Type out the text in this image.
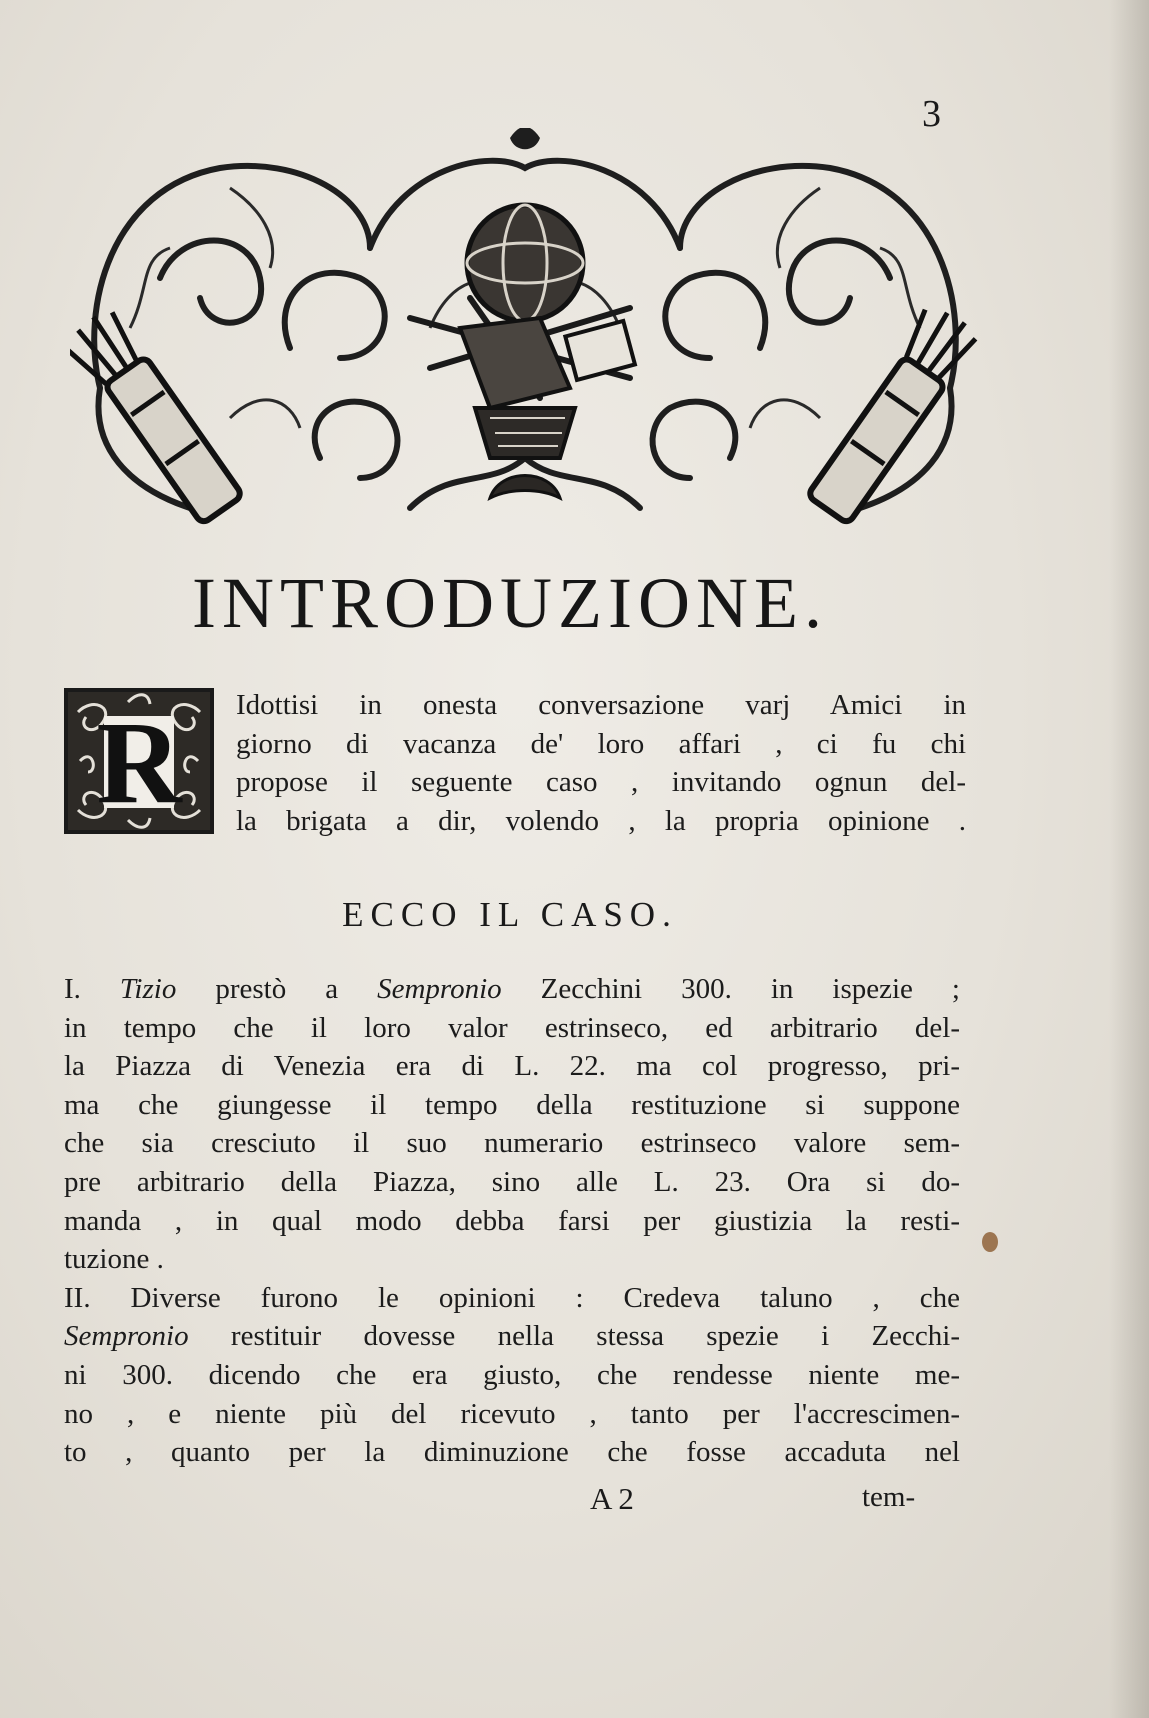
3
INTRODUZIONE.
R	Idottisi in onesta conversazione varj Amici in
giorno di vacanza de' loro affari , ci fu chi
propose il seguente caso , invitando ognun del-
la brigata a dir, volendo , la propria opinione .
ECCO IL CASO.
I. Tizio prestò a Sempronio Zecchini 300. in ispezie ;
in tempo che il loro valor estrinseco, ed arbitrario del-
la Piazza di Venezia era di L. 22. ma col progresso, pri-
ma che giungesse il tempo della restituzione si suppone
che sia cresciuto il suo numerario estrinseco valore sem-
pre arbitrario della Piazza, sino alle L. 23. Ora si do-
manda , in qual modo debba farsi per giustizia la resti-
tuzione .
II. Diverse furono le opinioni : Credeva taluno , che
Sempronio restituir dovesse nella stessa spezie i Zecchi-
ni 300. dicendo che era giusto, che rendesse niente me-
no , e niente più del ricevuto , tanto per l'accrescimen-
to , quanto per la diminuzione che fosse accaduta nel
A 2	tem-
